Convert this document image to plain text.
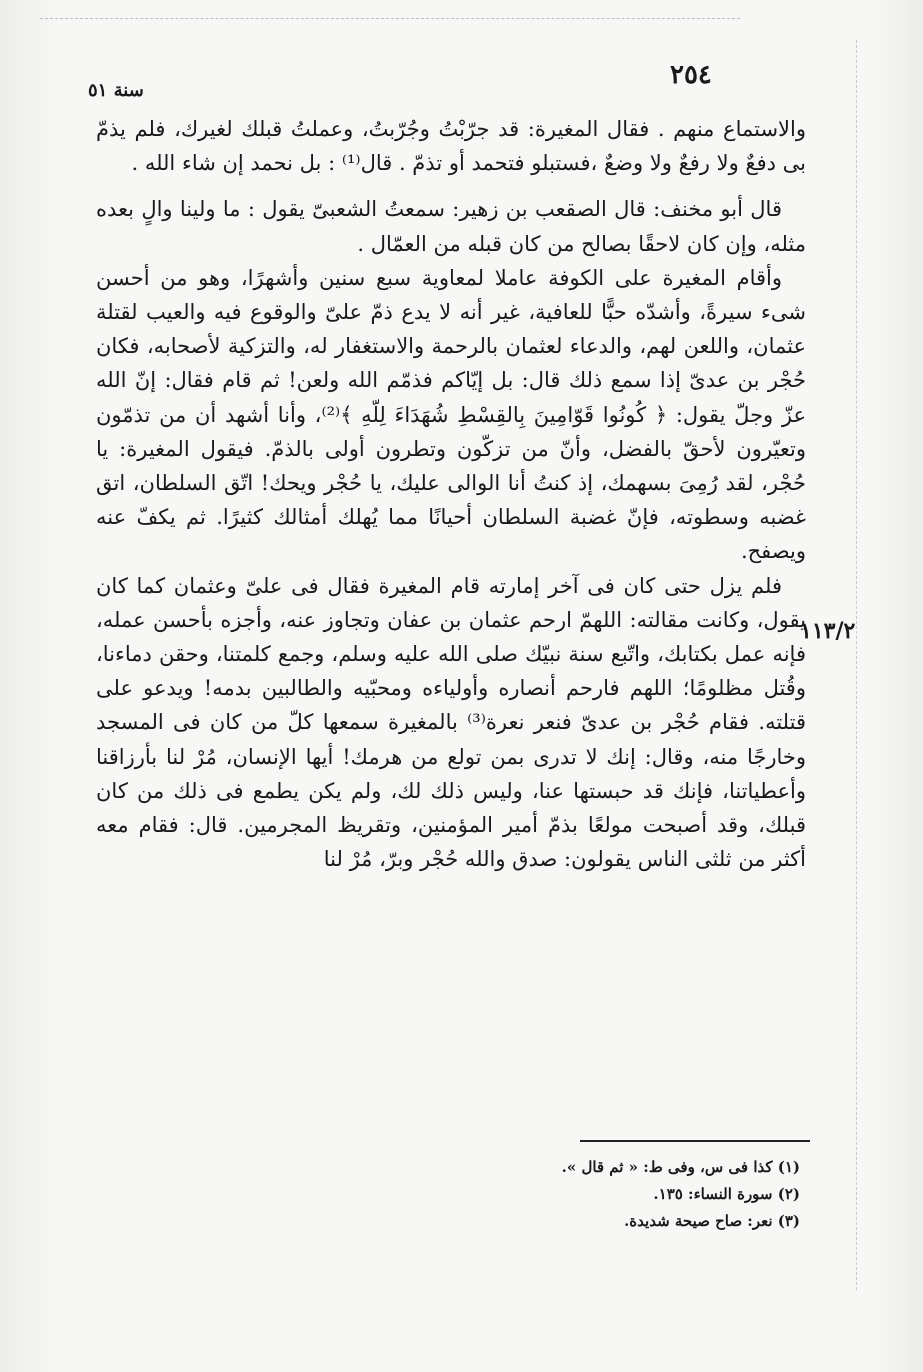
٢٥٤
سنة ٥١

والاستماع منهم . فقال المغيرة: قد جرّبْتُ وجُرّبتُ، وعملتُ قبلك لغيرك، فلم يذمّ بى دفعٌ ولا رفعٌ ولا وضعٌ ،فستبلو فتحمد أو تذمّ . قال⁽¹⁾ : بل نحمد إن شاء الله .

قال أبو مخنف: قال الصقعب بن زهير: سمعتُ الشعبىّ يقول : ما ولينا والٍ بعده مثله، وإن كان لاحقًا بصالح من كان قبله من العمّال .

وأقام المغيرة على الكوفة عاملا لمعاوية سبع سنين وأشهرًا، وهو من أحسن شىء سيرةً، وأشدّه حبًّا للعافية، غير أنه لا يدع ذمّ علىّ والوقوع فيه والعيب لقتلة عثمان، واللعن لهم، والدعاء لعثمان بالرحمة والاستغفار له، والتزكية لأصحابه، فكان حُجْر بن عدىّ إذا سمع ذلك قال: بل إيّاكم فذمّم الله ولعن! ثم قام فقال: إنّ الله عزّ وجلّ يقول: ﴿ كُونُوا قَوّامِينَ بِالقِسْطِ شُهَدَاءَ لِلّهِ ﴾⁽²⁾، وأنا أشهد أن من تذمّون وتعيّرون لأحقّ بالفضل، وأنّ من تزكّون وتطرون أولى بالذمّ. فيقول المغيرة: يا حُجْر، لقد رُمِىَ بسهمك، إذ كنتُ أنا الوالى عليك، يا حُجْر ويحك! اتّق السلطان، اتق غضبه وسطوته، فإنّ غضبة السلطان أحيانًا مما يُهلك أمثالك كثيرًا. ثم يكفّ عنه ويصفح.

فلم يزل حتى كان فى آخر إمارته قام المغيرة فقال فى علىّ وعثمان كما كان يقول، وكانت مقالته: اللهمّ ارحم عثمان بن عفان وتجاوز عنه، وأجزه بأحسن عمله، فإنه عمل بكتابك، واتّبع سنة نبيّك صلى الله عليه وسلم، وجمع كلمتنا، وحقن دماءنا، وقُتل مظلومًا؛ اللهم فارحم أنصاره وأولياءه ومحبّيه والطالبين بدمه! ويدعو على قتلته. فقام حُجْر بن عدىّ فنعر نعرة⁽³⁾ بالمغيرة سمعها كلّ من كان فى المسجد وخارجًا منه، وقال: إنك لا تدرى بمن تولع من هرمك! أيها الإنسان، مُرْ لنا بأرزاقنا وأعطياتنا، فإنك قد حبستها عنا، وليس ذلك لك، ولم يكن يطمع فى ذلك من كان قبلك، وقد أصبحت مولعًا بذمّ أمير المؤمنين، وتقريظ المجرمين. قال: فقام معه أكثر من ثلثى الناس يقولون: صدق والله حُجْر وبرّ، مُرْ لنا

١١٣/٢
(١) كذا فى س، وفى ط: « ثم قال ».
(٢) سورة النساء: ١٣٥.
(٣) نعر: صاح صيحة شديدة.
